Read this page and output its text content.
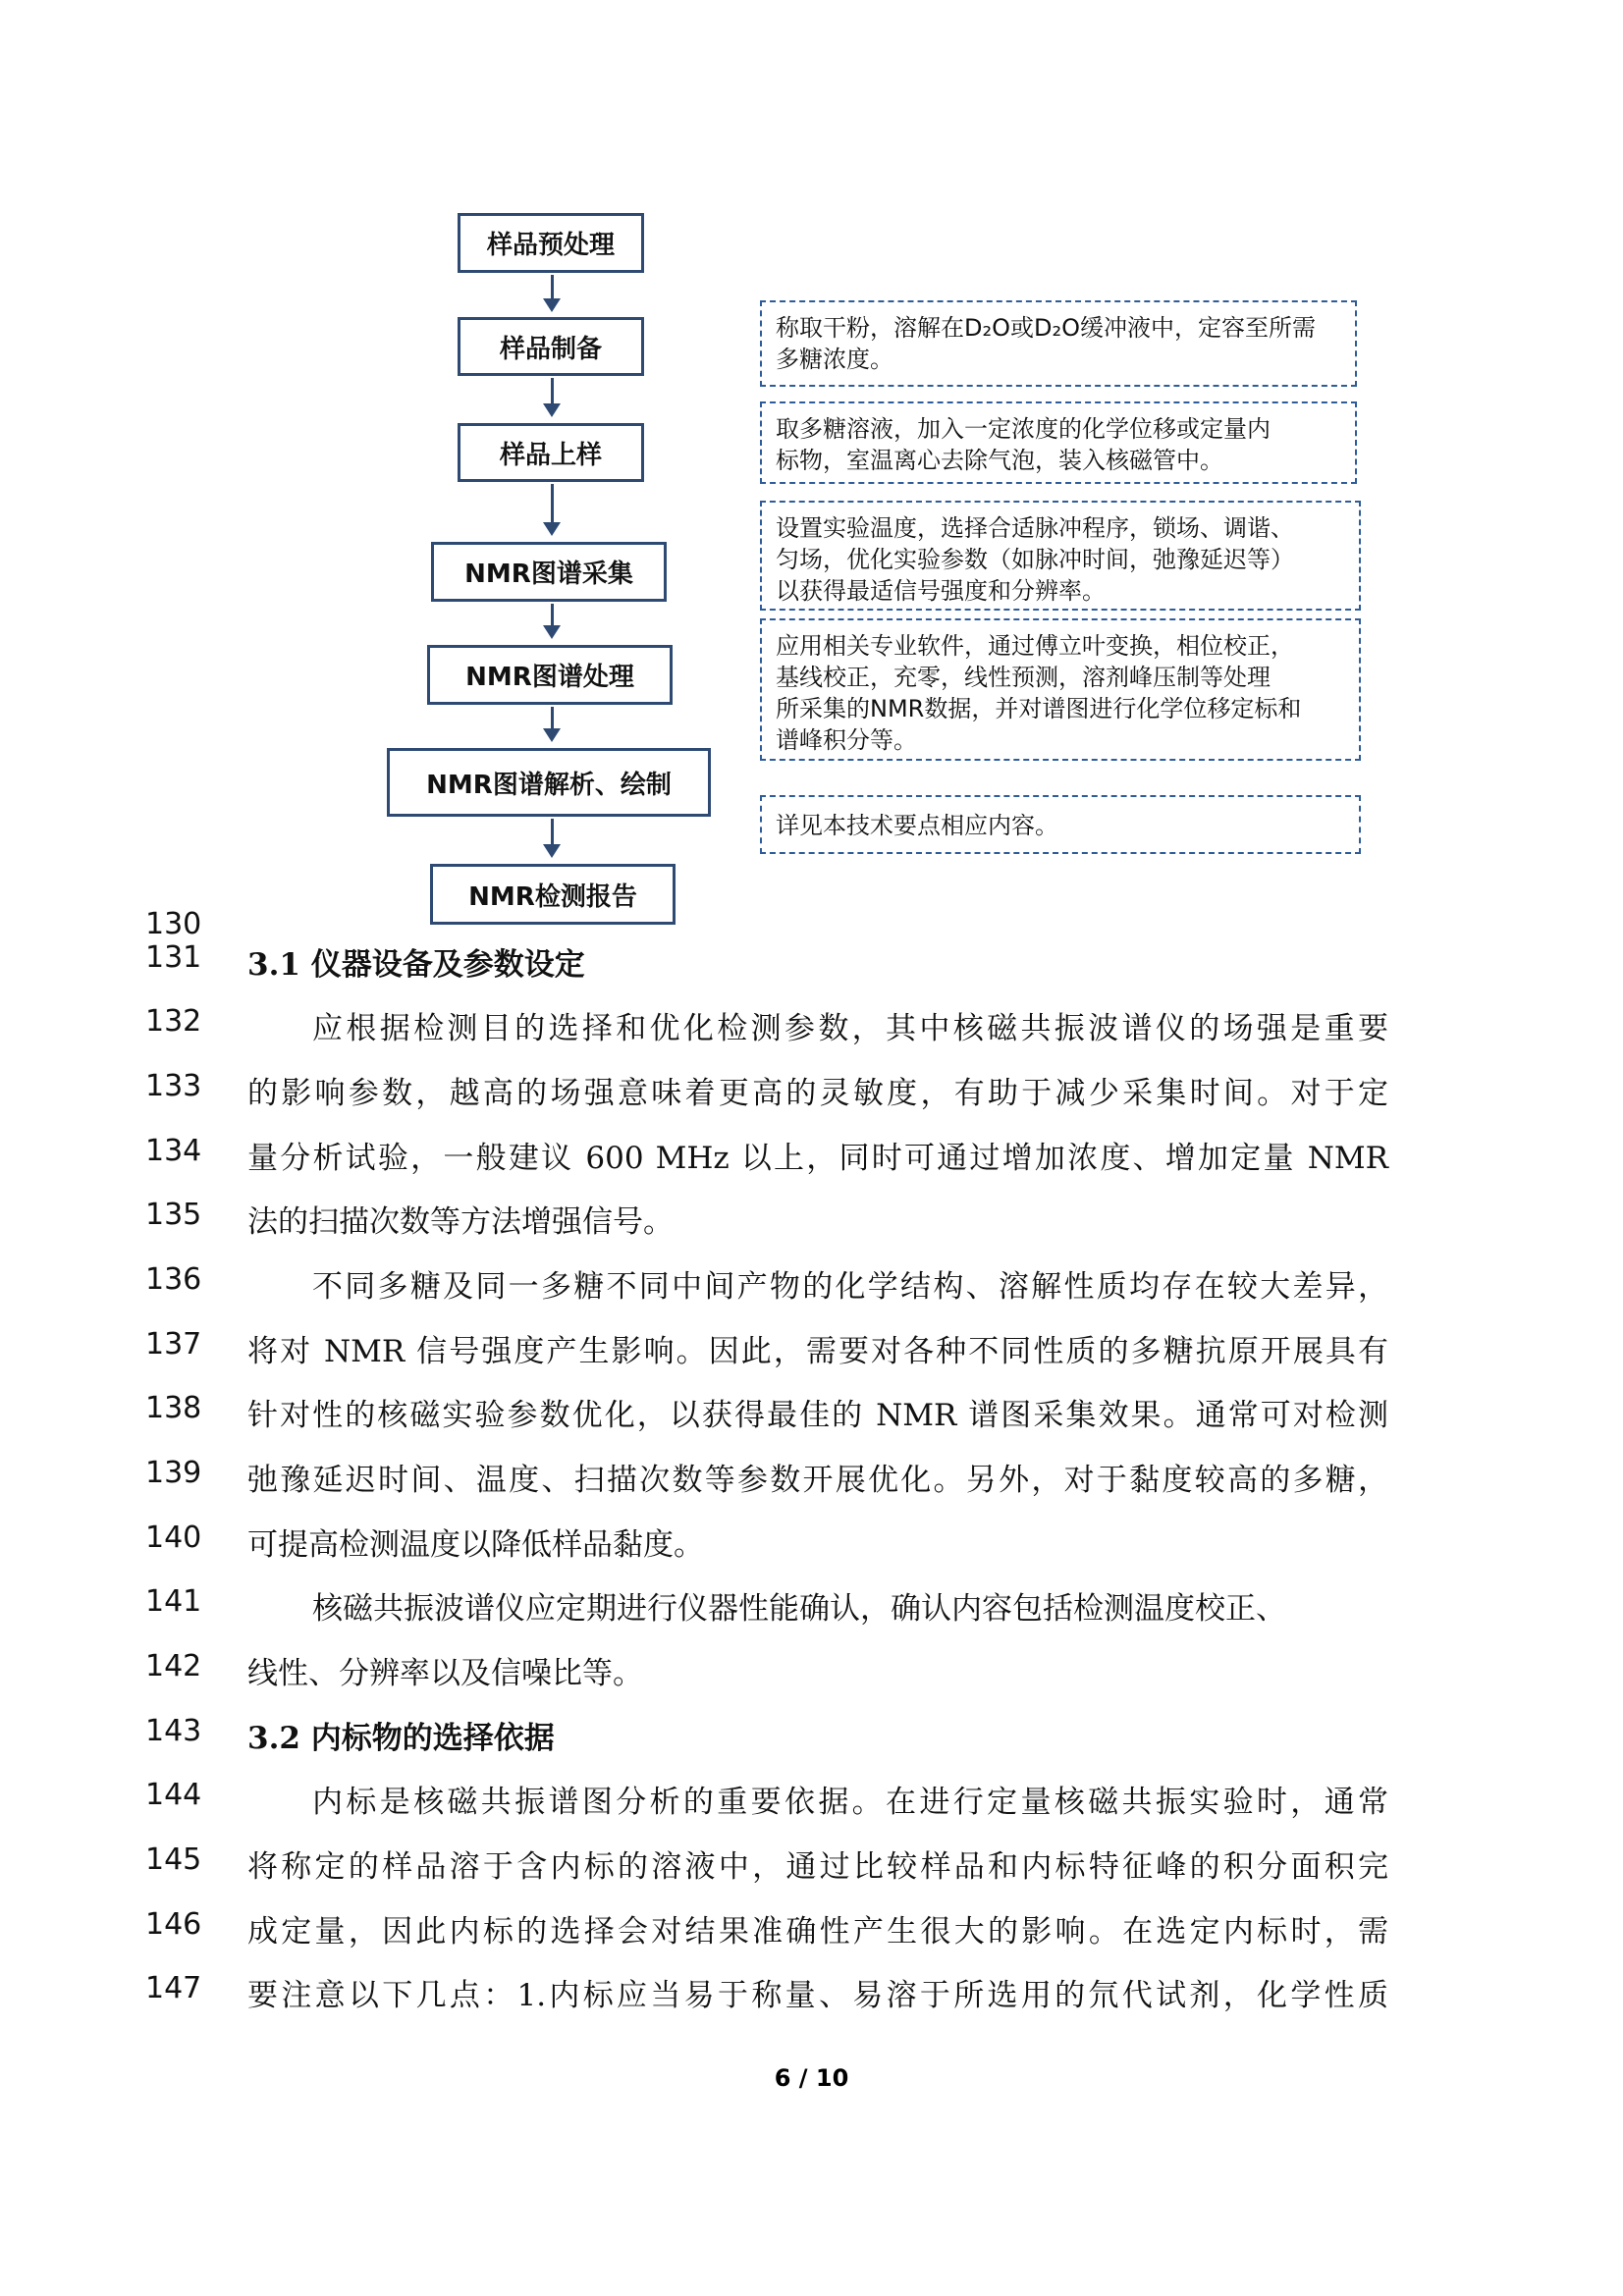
样品预处理
样品制备
样品上样
NMR图谱采集
NMR图谱处理
NMR图谱解析、绘制
NMR检测报告

称取干粉，溶解在D₂O或D₂O缓冲液中，定容至所需

多糖浓度。

取多糖溶液，加入一定浓度的化学位移或定量内

标物，室温离心去除气泡，装入核磁管中。

设置实验温度，选择合适脉冲程序，锁场、调谐、

匀场，优化实验参数（如脉冲时间，弛豫延迟等）

以获得最适信号强度和分辨率。

应用相关专业软件，通过傅立叶变换，相位校正，

基线校正，充零，线性预测，溶剂峰压制等处理

所采集的NMR数据，并对谱图进行化学位移定标和

谱峰积分等。

详见本技术要点相应内容。

130
131
132
133
134
135
136
137
138
139
140
141
142
143
144
145
146
147
3.1 仪器设备及参数设定
应根据检测目的选择和优化检测参数，其中核磁共振波谱仪的场强是重要
的影响参数，越高的场强意味着更高的灵敏度，有助于减少采集时间。对于定
量分析试验，一般建议 600 MHz 以上，同时可通过增加浓度、增加定量 NMR
法的扫描次数等方法增强信号。
不同多糖及同一多糖不同中间产物的化学结构、溶解性质均存在较大差异，
将对 NMR 信号强度产生影响。因此，需要对各种不同性质的多糖抗原开展具有
针对性的核磁实验参数优化，以获得最佳的 NMR 谱图采集效果。通常可对检测
弛豫延迟时间、温度、扫描次数等参数开展优化。另外，对于黏度较高的多糖，
可提高检测温度以降低样品黏度。
核磁共振波谱仪应定期进行仪器性能确认，确认内容包括检测温度校正、
线性、分辨率以及信噪比等。
3.2 内标物的选择依据
内标是核磁共振谱图分析的重要依据。在进行定量核磁共振实验时，通常
将称定的样品溶于含内标的溶液中，通过比较样品和内标特征峰的积分面积完
成定量，因此内标的选择会对结果准确性产生很大的影响。在选定内标时，需
要注意以下几点：1.内标应当易于称量、易溶于所选用的氘代试剂，化学性质
6 / 10
